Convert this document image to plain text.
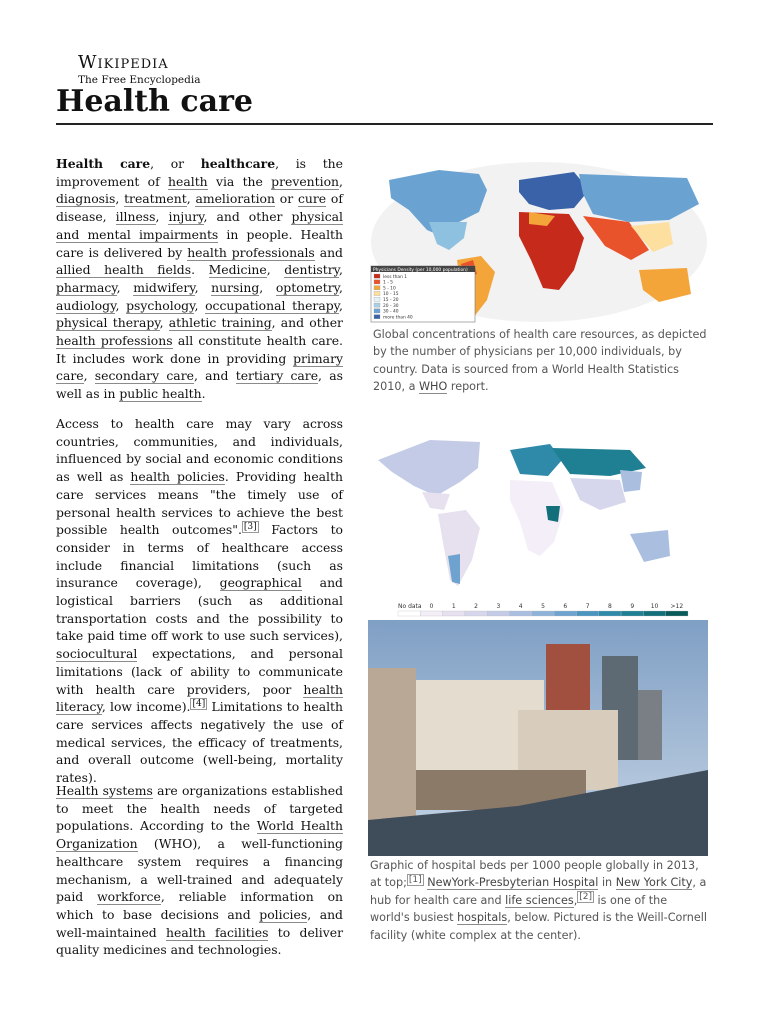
Wikipedia
The Free Encyclopedia
Health care

Health care, or healthcare, is the improvement of health via the prevention, diagnosis, treatment, amelioration or cure of disease, illness, injury, and other physical and mental impairments in people. Health care is delivered by health professionals and allied health fields. Medicine, dentistry, pharmacy, midwifery, nursing, optometry, audiology, psychology, occupational therapy, physical therapy, athletic training, and other health professions all constitute health care. It includes work done in providing primary care, secondary care, and tertiary care, as well as in public health.

Access to health care may vary across countries, communities, and individuals, influenced by social and economic conditions as well as health policies. Providing health care services means "the timely use of personal health services to achieve the best possible health outcomes". [3] Factors to consider in terms of healthcare access include financial limitations (such as insurance coverage), geographical and logistical barriers (such as additional transportation costs and the possibility to take paid time off work to use such services), sociocultural expectations, and personal limitations (lack of ability to communicate with health care providers, poor health literacy, low income). [4] Limitations to health care services affects negatively the use of medical services, the efficacy of treatments, and overall outcome (well-being, mortality rates).

Health systems are organizations established to meet the health needs of targeted populations. According to the World Health Organization (WHO), a well-functioning healthcare system requires a financing mechanism, a well-trained and adequately paid workforce, reliable information on which to base decisions and policies, and well-maintained health facilities to deliver quality medicines and technologies.

Physicians Density (per 10,000 population)
less than 1
1 - 5
5 - 10
10 - 15
15 - 20
20 - 30
30 - 40
more than 40
Global concentrations of health care resources, as depicted by the number of physicians per 10,000 individuals, by country. Data is sourced from a World Health Statistics 2010, a WHO report.
No data 0	1	2	3	4	5	6	7	8	9	10 >12
Graphic of hospital beds per 1000 people globally in 2013, at top; [1] NewYork-Presbyterian Hospital in New York City, a hub for health care and life sciences, [2] is one of the world's busiest hospitals, below. Pictured is the Weill-Cornell facility (white complex at the center).
